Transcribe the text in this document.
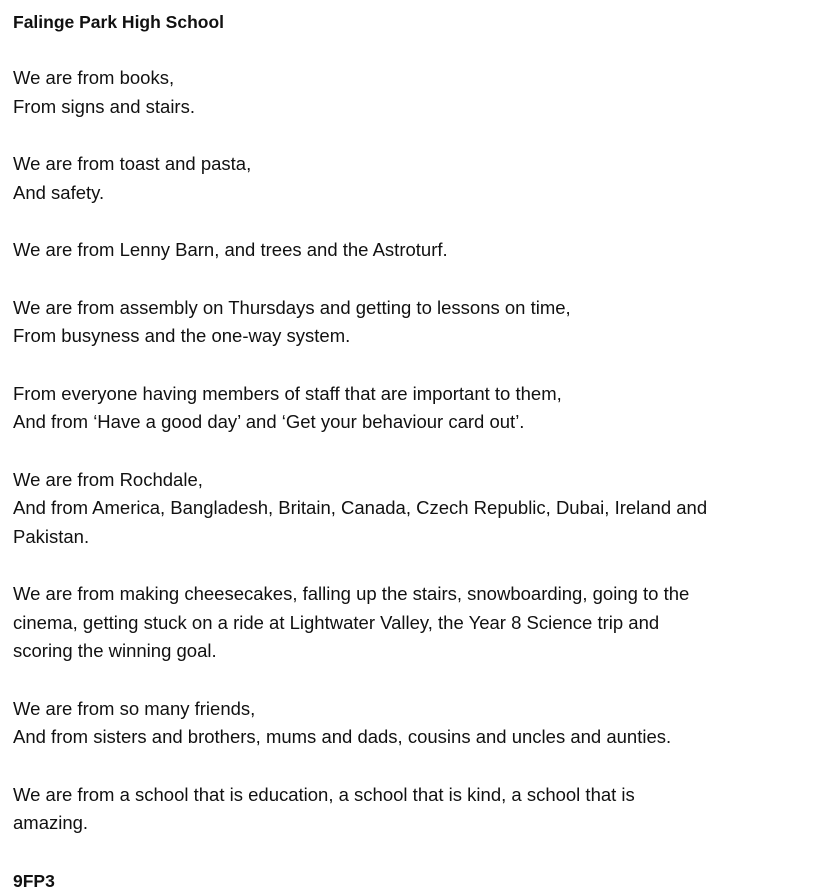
Falinge Park High School

We are from books,
From signs and stairs.

We are from toast and pasta,
And safety.

We are from Lenny Barn, and trees and the Astroturf.

We are from assembly on Thursdays and getting to lessons on time,
From busyness and the one-way system.

From everyone having members of staff that are important to them,
And from ‘Have a good day’ and ‘Get your behaviour card out’.

We are from Rochdale,
And from America, Bangladesh, Britain, Canada, Czech Republic, Dubai, Ireland and
Pakistan.

We are from making cheesecakes, falling up the stairs, snowboarding, going to the
cinema, getting stuck on a ride at Lightwater Valley, the Year 8 Science trip and
scoring the winning goal.

We are from so many friends,
And from sisters and brothers, mums and dads, cousins and uncles and aunties.

We are from a school that is education, a school that is kind, a school that is
amazing.

9FP3
